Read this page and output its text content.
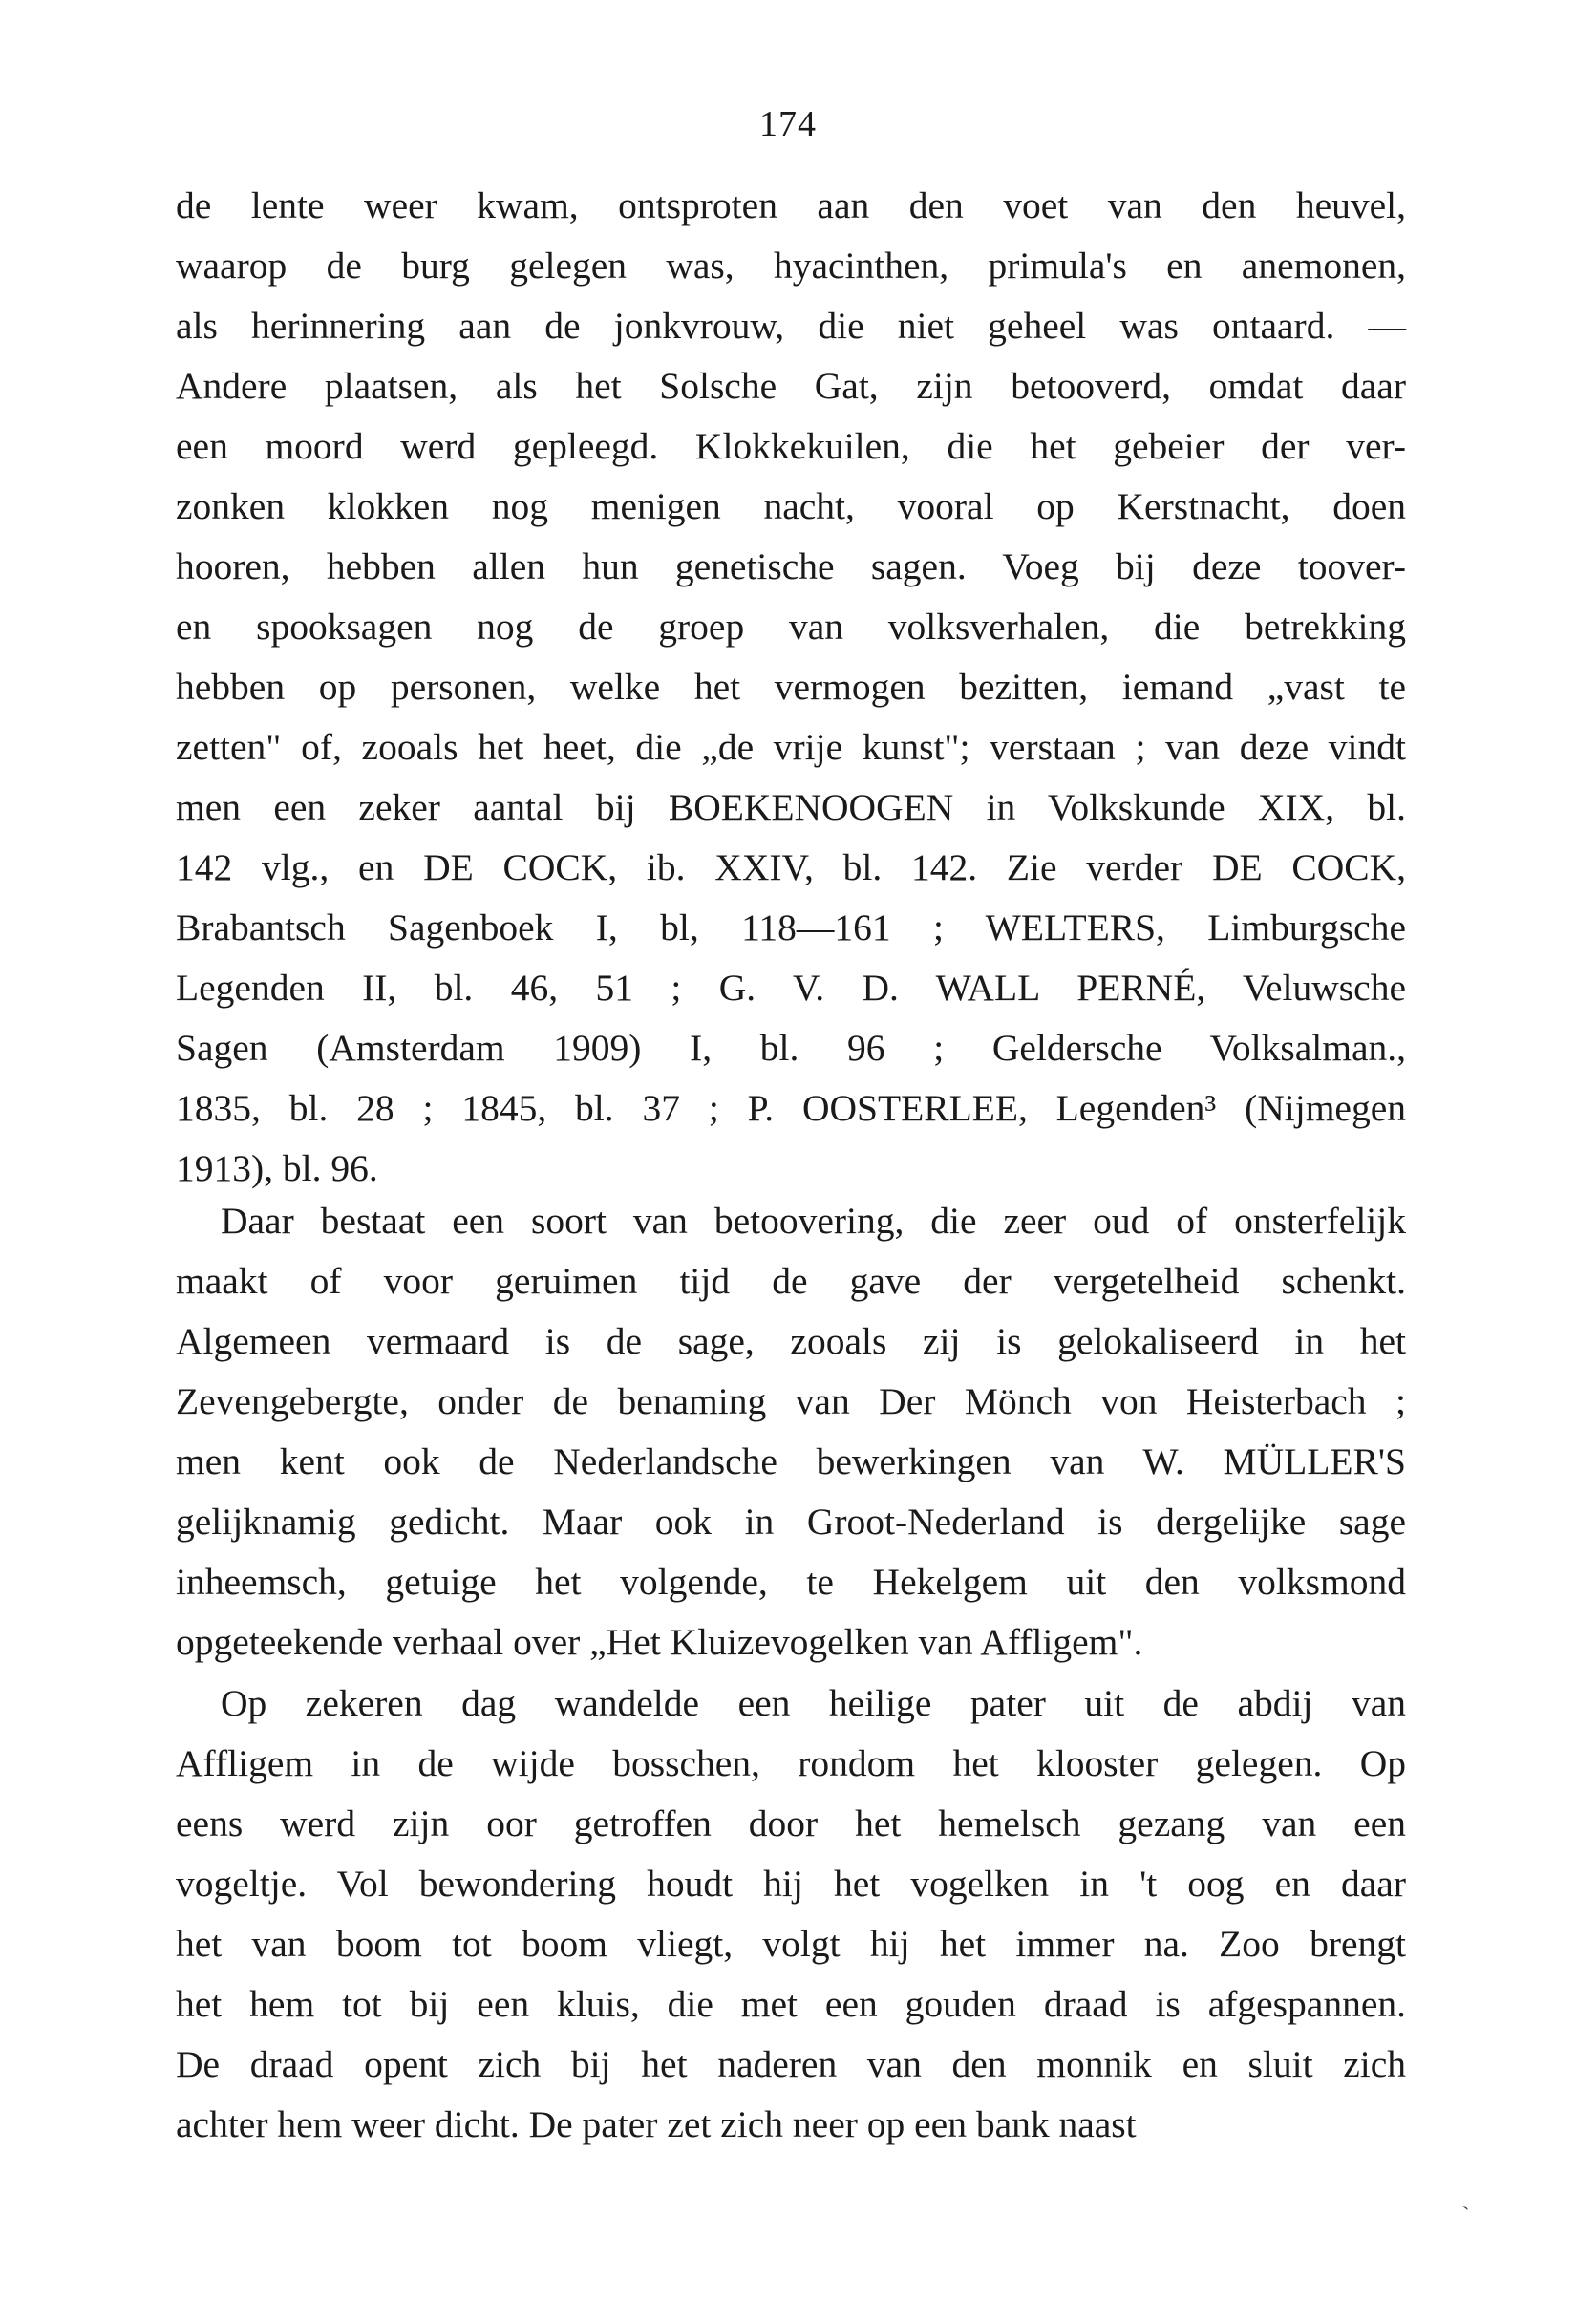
174
de lente weer kwam, ontsproten aan den voet van den heuvel,
waarop de burg gelegen was, hyacinthen, primula's en anemonen,
als herinnering aan de jonkvrouw, die niet geheel was ontaard. —
Andere plaatsen, als het Solsche Gat, zijn betooverd, omdat daar
een moord werd gepleegd. Klokkekuilen, die het gebeier der ver-
zonken klokken nog menigen nacht, vooral op Kerstnacht, doen
hooren, hebben allen hun genetische sagen. Voeg bij deze toover-
en spooksagen nog de groep van volksverhalen, die betrekking
hebben op personen, welke het vermogen bezitten, iemand „vast te
zetten" of, zooals het heet, die „de vrije kunst"; verstaan ; van deze vindt
men een zeker aantal bij BOEKENOOGEN in Volkskunde XIX, bl.
142 vlg., en DE COCK, ib. XXIV, bl. 142. Zie verder DE COCK,
Brabantsch Sagenboek I, bl, 118—161 ; WELTERS, Limburgsche
Legenden II, bl. 46, 51 ; G. V. D. WALL PERNÉ, Veluwsche
Sagen (Amsterdam 1909) I, bl. 96 ; Geldersche Volksalman.,
1835, bl. 28 ; 1845, bl. 37 ; P. OOSTERLEE, Legenden³ (Nijmegen
1913), bl. 96.
Daar bestaat een soort van betoovering, die zeer oud of onsterfelijk
maakt of voor geruimen tijd de gave der vergetelheid schenkt.
Algemeen vermaard is de sage, zooals zij is gelokaliseerd in het
Zevengebergte, onder de benaming van Der Mönch von Heisterbach ;
men kent ook de Nederlandsche bewerkingen van W. MÜLLER'S
gelijknamig gedicht. Maar ook in Groot-Nederland is dergelijke sage
inheemsch, getuige het volgende, te Hekelgem uit den volksmond
opgeteekende verhaal over „Het Kluizevogelken van Affligem".
Op zekeren dag wandelde een heilige pater uit de abdij van
Affligem in de wijde bosschen, rondom het klooster gelegen. Op
eens werd zijn oor getroffen door het hemelsch gezang van een
vogeltje. Vol bewondering houdt hij het vogelken in 't oog en daar
het van boom tot boom vliegt, volgt hij het immer na. Zoo brengt
het hem tot bij een kluis, die met een gouden draad is afgespannen.
De draad opent zich bij het naderen van den monnik en sluit zich
achter hem weer dicht. De pater zet zich neer op een bank naast
ˋ
